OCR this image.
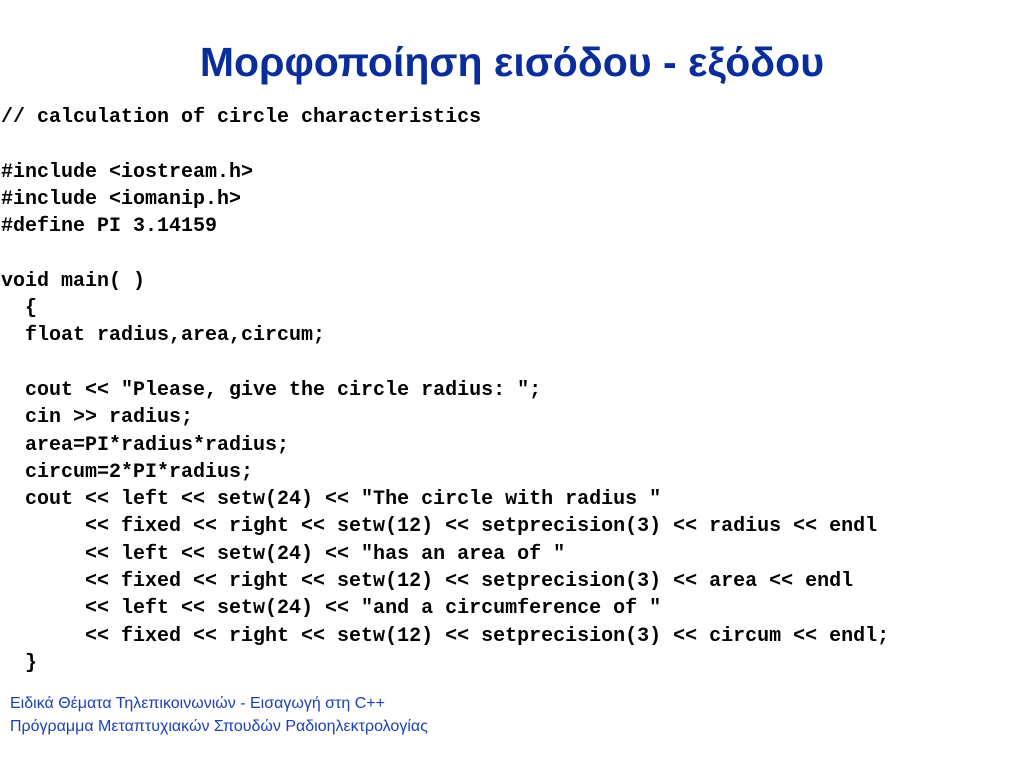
Μορφοποίηση εισόδου - εξόδου
// calculation of circle characteristics
#include <iostream.h>
#include <iomanip.h>
#define PI 3.14159
void main( )
{
float radius,area,circum;
cout << "Please, give the circle radius: ";
cin >> radius;
area=PI*radius*radius;
circum=2*PI*radius;
cout << left << setw(24) << "The circle with radius "
<< fixed << right << setw(12) << setprecision(3) << radius << endl
<< left << setw(24) << "has an area of "
<< fixed << right << setw(12) << setprecision(3) << area << endl
<< left << setw(24) << "and a circumference of "
<< fixed << right << setw(12) << setprecision(3) << circum << endl;
}
Ειδικά Θέματα Τηλεπικοινωνιών - Εισαγωγή στη C++
Πρόγραμμα Μεταπτυχιακών Σπουδών Ραδιοηλεκτρολογίας
